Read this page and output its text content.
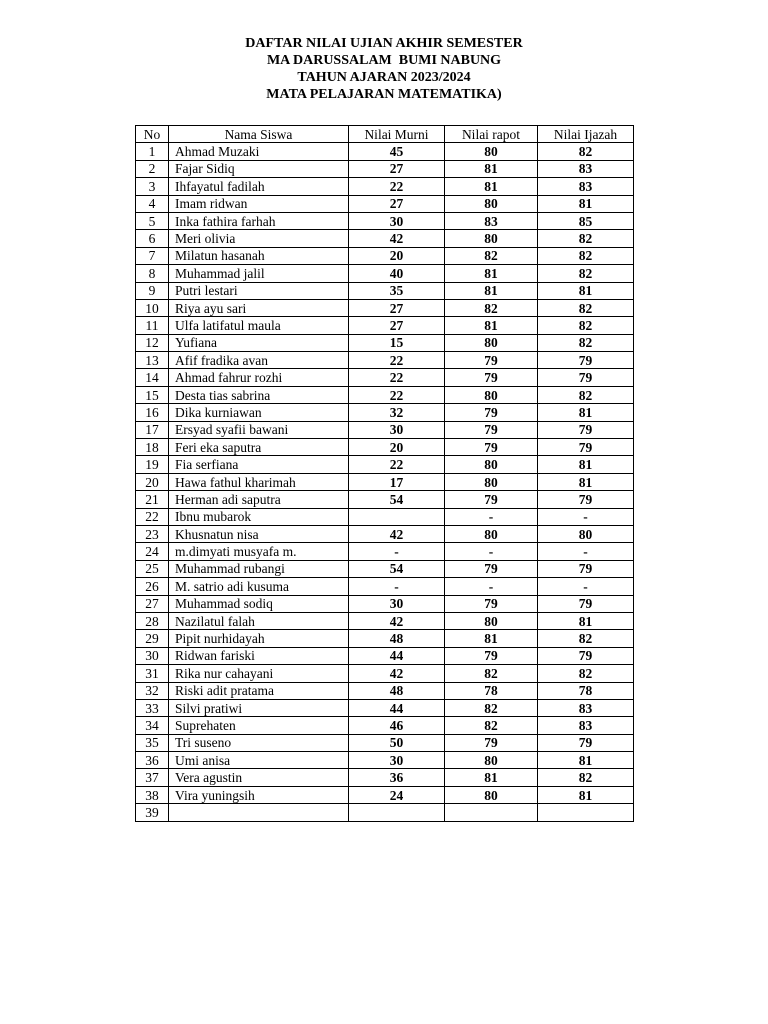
DAFTAR NILAI UJIAN AKHIR SEMESTER
MA DARUSSALAM  BUMI NABUNG
TAHUN AJARAN 2023/2024
MATA PELAJARAN MATEMATIKA)
No	Nama Siswa	Nilai Murni	Nilai rapot	Nilai Ijazah
1	Ahmad Muzaki	45	80	82
2	Fajar Sidiq	27	81	83
3	Ihfayatul fadilah	22	81	83
4	Imam ridwan	27	80	81
5	Inka fathira farhah	30	83	85
6	Meri olivia	42	80	82
7	Milatun hasanah	20	82	82
8	Muhammad jalil	40	81	82
9	Putri lestari	35	81	81
10	Riya ayu sari	27	82	82
11	Ulfa latifatul maula	27	81	82
12	Yufiana	15	80	82
13	Afif fradika avan	22	79	79
14	Ahmad fahrur rozhi	22	79	79
15	Desta tias sabrina	22	80	82
16	Dika kurniawan	32	79	81
17	Ersyad syafii bawani	30	79	79
18	Feri eka saputra	20	79	79
19	Fia serfiana	22	80	81
20	Hawa fathul kharimah	17	80	81
21	Herman adi saputra	54	79	79
22	Ibnu mubarok		-	-
23	Khusnatun nisa	42	80	80
24	m.dimyati musyafa m.	-	-	-
25	Muhammad rubangi	54	79	79
26	M. satrio adi kusuma	-	-	-
27	Muhammad sodiq	30	79	79
28	Nazilatul falah	42	80	81
29	Pipit nurhidayah	48	81	82
30	Ridwan fariski	44	79	79
31	Rika nur cahayani	42	82	82
32	Riski adit pratama	48	78	78
33	Silvi pratiwi	44	82	83
34	Suprehaten	46	82	83
35	Tri suseno	50	79	79
36	Umi anisa	30	80	81
37	Vera agustin	36	81	82
38	Vira yuningsih	24	80	81
39				
